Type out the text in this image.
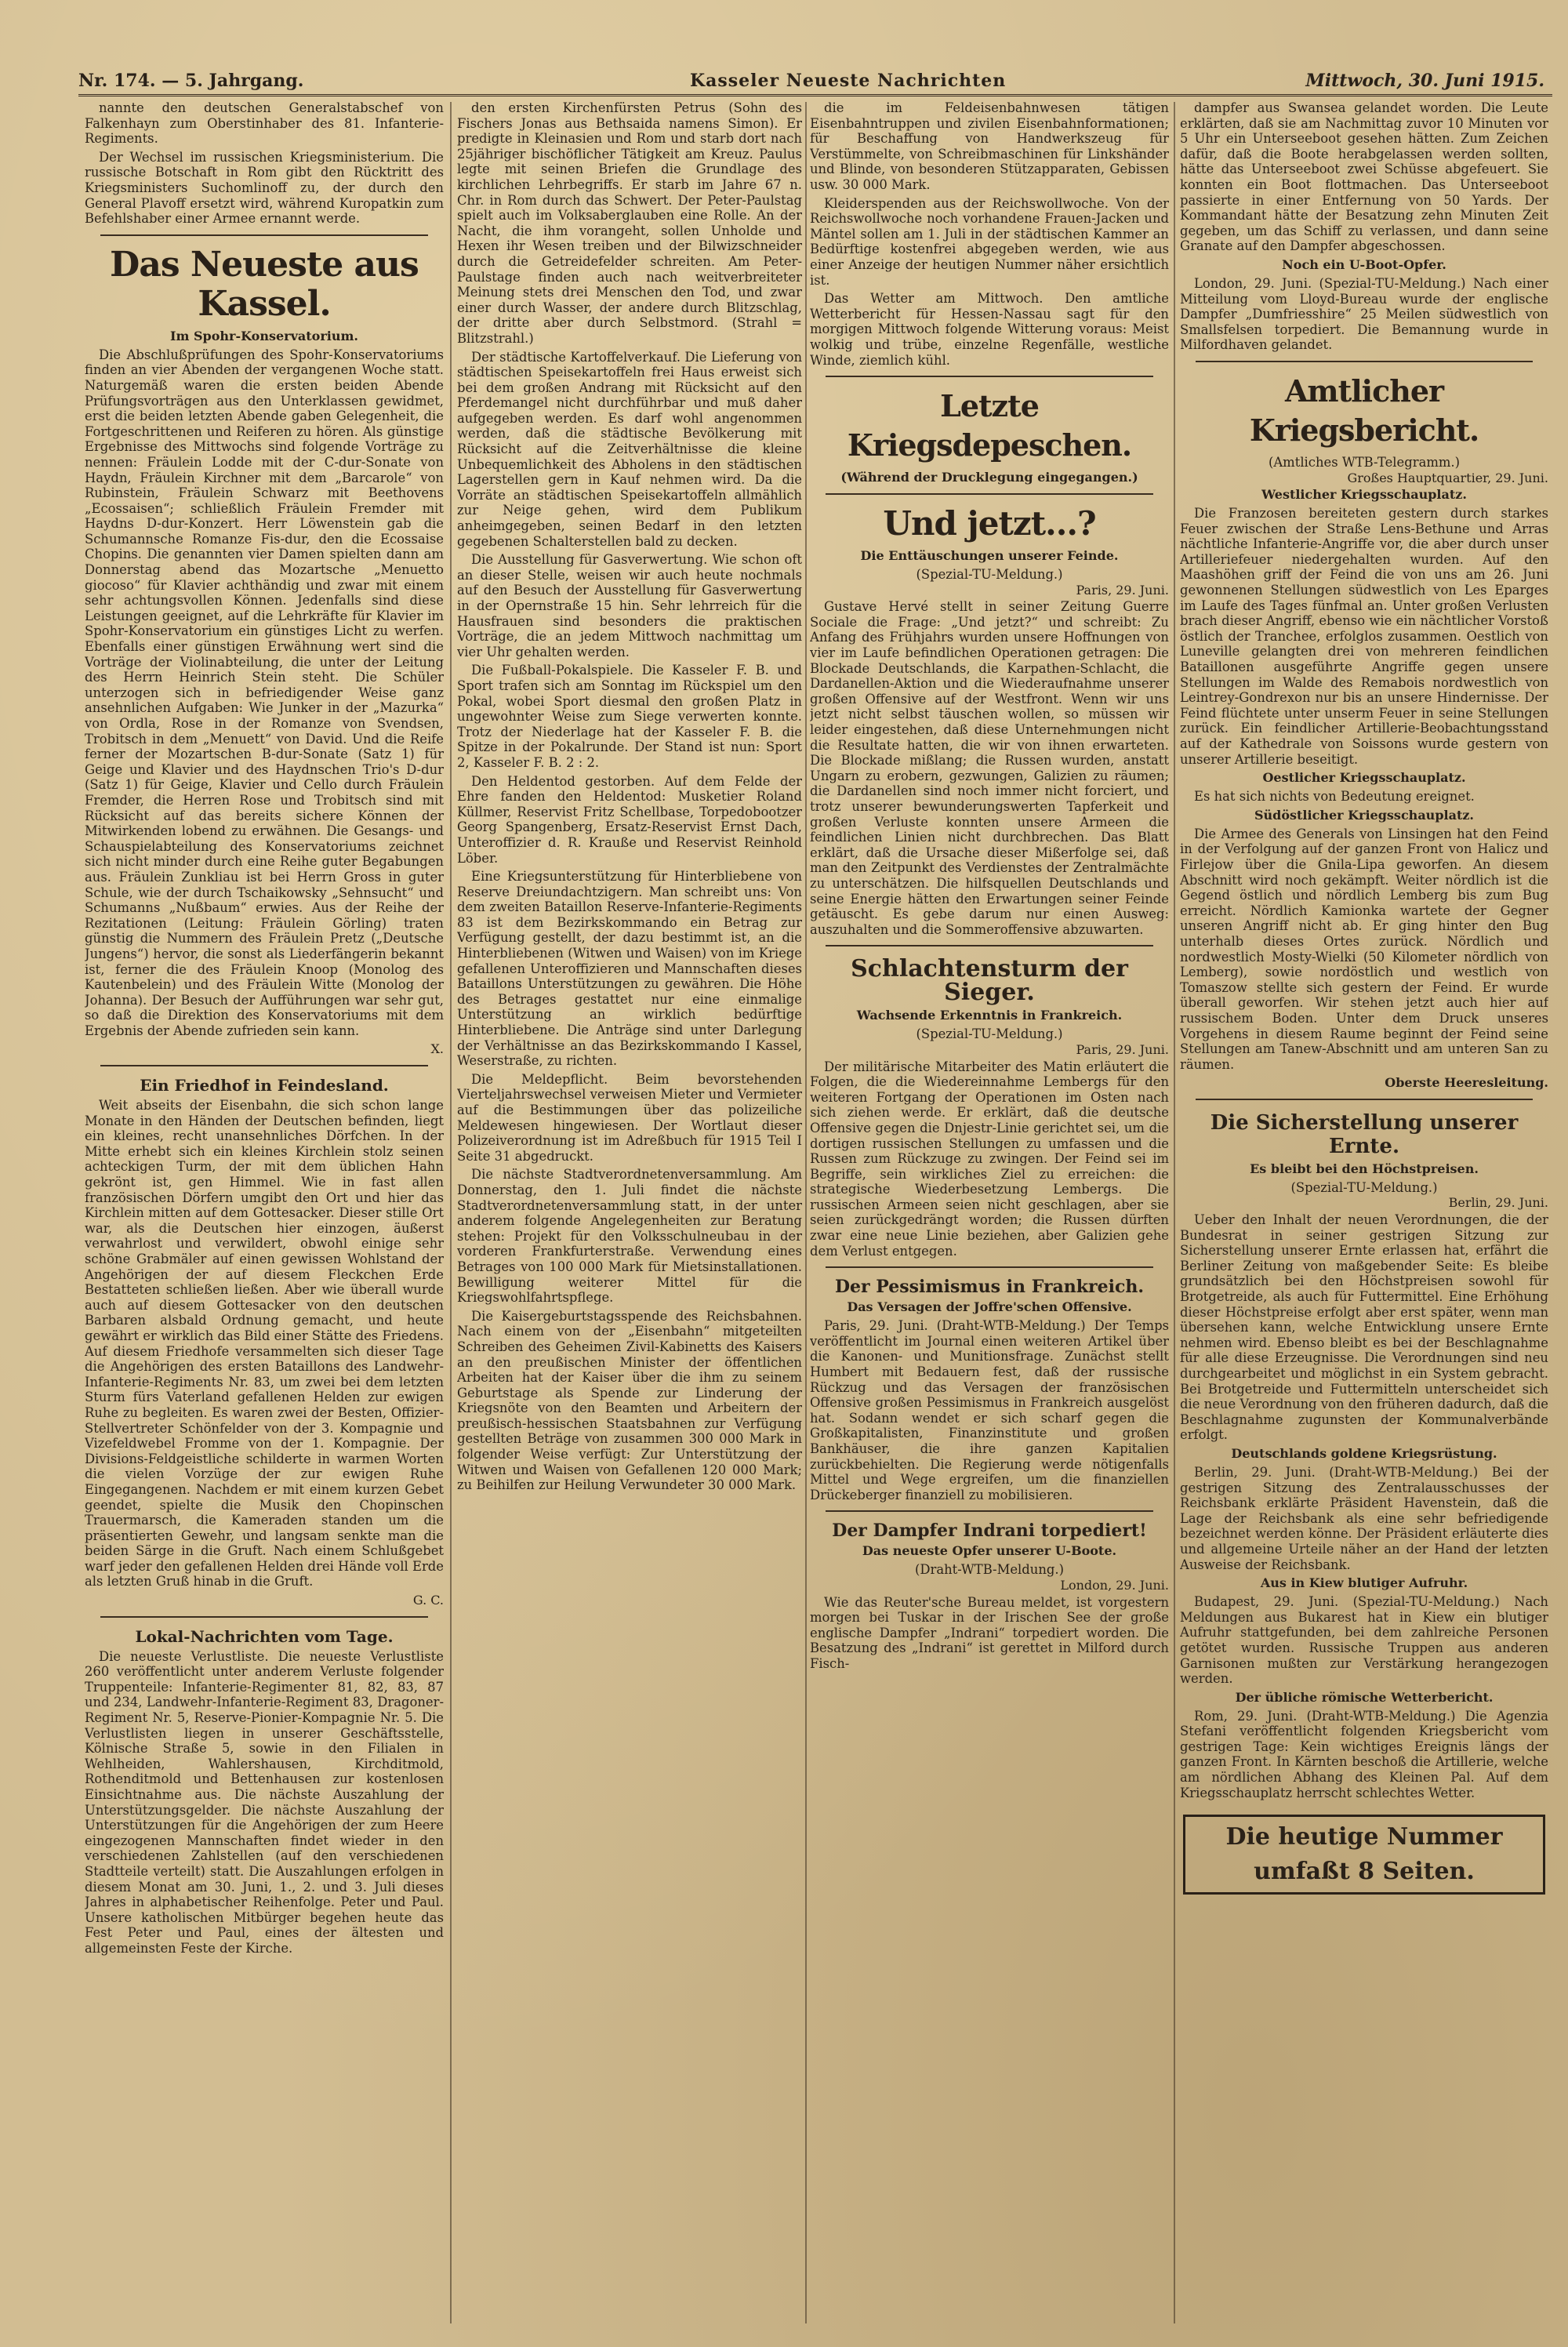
Nr. 174. — 5. Jahrgang.	Kasseler Neueste Nachrichten	Mittwoch, 30. Juni 1915.

nannte den deutschen Generalstabschef von Falkenhayn zum Oberstinhaber des 81. Infanterie-Regiments.

Der Wechsel im russischen Kriegsministerium. Die russische Botschaft in Rom gibt den Rücktritt des Kriegsministers Suchomlinoff zu, der durch den General Plavoff ersetzt wird, während Kuropatkin zum Befehlshaber einer Armee ernannt werde.

Das Neueste aus Kassel.
Im Spohr-Konservatorium.

Die Abschlußprüfungen des Spohr-Konservatoriums finden an vier Abenden der vergangenen Woche statt. Naturgemäß waren die ersten beiden Abende Prüfungsvorträgen aus den Unterklassen gewidmet, erst die beiden letzten Abende gaben Gelegenheit, die Fortgeschrittenen und Reiferen zu hören. Als günstige Ergebnisse des Mittwochs sind folgende Vorträge zu nennen: Fräulein Lodde mit der C-dur-Sonate von Haydn, Fräulein Kirchner mit dem „Barcarole“ von Rubinstein, Fräulein Schwarz mit Beethovens „Ecossaisen“; schließlich Fräulein Fremder mit Haydns D-dur-Konzert. Herr Löwenstein gab die Schumannsche Romanze Fis-dur, den die Ecossaise Chopins. Die genannten vier Damen spielten dann am Donnerstag abend das Mozartsche „Menuetto giocoso“ für Klavier achthändig und zwar mit einem sehr achtungsvollen Können. Jedenfalls sind diese Leistungen geeignet, auf die Lehrkräfte für Klavier im Spohr-Konservatorium ein günstiges Licht zu werfen. Ebenfalls einer günstigen Erwähnung wert sind die Vorträge der Violinabteilung, die unter der Leitung des Herrn Heinrich Stein steht. Die Schüler unterzogen sich in befriedigender Weise ganz ansehnlichen Aufgaben: Wie Junker in der „Mazurka“ von Ordla, Rose in der Romanze von Svendsen, Trobitsch in dem „Menuett“ von David. Und die Reife ferner der Mozartschen B-dur-Sonate (Satz 1) für Geige und Klavier und des Haydnschen Trio's D-dur (Satz 1) für Geige, Klavier und Cello durch Fräulein Fremder, die Herren Rose und Trobitsch sind mit Rücksicht auf das bereits sichere Können der Mitwirkenden lobend zu erwähnen. Die Gesangs- und Schauspielabteilung des Konservatoriums zeichnet sich nicht minder durch eine Reihe guter Begabungen aus. Fräulein Zunkliau ist bei Herrn Gross in guter Schule, wie der durch Tschaikowsky „Sehnsucht“ und Schumanns „Nußbaum“ erwies. Aus der Reihe der Rezitationen (Leitung: Fräulein Görling) traten günstig die Nummern des Fräulein Pretz („Deutsche Jungens“) hervor, die sonst als Liederfängerin bekannt ist, ferner die des Fräulein Knoop (Monolog des Kautenbelein) und des Fräulein Witte (Monolog der Johanna). Der Besuch der Aufführungen war sehr gut, so daß die Direktion des Konservatoriums mit dem Ergebnis der Abende zufrieden sein kann.

X.
Ein Friedhof in Feindesland.

Weit abseits der Eisenbahn, die sich schon lange Monate in den Händen der Deutschen befinden, liegt ein kleines, recht unansehnliches Dörfchen. In der Mitte erhebt sich ein kleines Kirchlein stolz seinen achteckigen Turm, der mit dem üblichen Hahn gekrönt ist, gen Himmel. Wie in fast allen französischen Dörfern umgibt den Ort und hier das Kirchlein mitten auf dem Gottesacker. Dieser stille Ort war, als die Deutschen hier einzogen, äußerst verwahrlost und verwildert, obwohl einige sehr schöne Grabmäler auf einen gewissen Wohlstand der Angehörigen der auf diesem Fleckchen Erde Bestatteten schließen ließen. Aber wie überall wurde auch auf diesem Gottesacker von den deutschen Barbaren alsbald Ordnung gemacht, und heute gewährt er wirklich das Bild einer Stätte des Friedens. Auf diesem Friedhofe versammelten sich dieser Tage die Angehörigen des ersten Bataillons des Landwehr-Infanterie-Regiments Nr. 83, um zwei bei dem letzten Sturm fürs Vaterland gefallenen Helden zur ewigen Ruhe zu begleiten. Es waren zwei der Besten, Offizier-Stellvertreter Schönfelder von der 3. Kompagnie und Vizefeldwebel Fromme von der 1. Kompagnie. Der Divisions-Feldgeistliche schilderte in warmen Worten die vielen Vorzüge der zur ewigen Ruhe Eingegangenen. Nachdem er mit einem kurzen Gebet geendet, spielte die Musik den Chopinschen Trauermarsch, die Kameraden standen um die präsentierten Gewehr, und langsam senkte man die beiden Särge in die Gruft. Nach einem Schlußgebet warf jeder den gefallenen Helden drei Hände voll Erde als letzten Gruß hinab in die Gruft.

G. C.
Lokal-Nachrichten vom Tage.

Die neueste Verlustliste. Die neueste Verlustliste 260 veröffentlicht unter anderem Verluste folgender Truppenteile: Infanterie-Regimenter 81, 82, 83, 87 und 234, Landwehr-Infanterie-Regiment 83, Dragoner-Regiment Nr. 5, Reserve-Pionier-Kompagnie Nr. 5. Die Verlustlisten liegen in unserer Geschäftsstelle, Kölnische Straße 5, sowie in den Filialen in Wehlheiden, Wahlershausen, Kirchditmold, Rothenditmold und Bettenhausen zur kostenlosen Einsichtnahme aus. Die nächste Auszahlung der Unterstützungsgelder. Die nächste Auszahlung der Unterstützungen für die Angehörigen der zum Heere eingezogenen Mannschaften findet wieder in den verschiedenen Zahlstellen (auf den verschiedenen Stadtteile verteilt) statt. Die Auszahlungen erfolgen in diesem Monat am 30. Juni, 1., 2. und 3. Juli dieses Jahres in alphabetischer Reihenfolge. Peter und Paul. Unsere katholischen Mitbürger begehen heute das Fest Peter und Paul, eines der ältesten und allgemeinsten Feste der Kirche.

den ersten Kirchenfürsten Petrus (Sohn des Fischers Jonas aus Bethsaida namens Simon). Er predigte in Kleinasien und Rom und starb dort nach 25jähriger bischöflicher Tätigkeit am Kreuz. Paulus legte mit seinen Briefen die Grundlage des kirchlichen Lehrbegriffs. Er starb im Jahre 67 n. Chr. in Rom durch das Schwert. Der Peter-Paulstag spielt auch im Volksaberglauben eine Rolle. An der Nacht, die ihm vorangeht, sollen Unholde und Hexen ihr Wesen treiben und der Bilwizschneider durch die Getreidefelder schreiten. Am Peter-Paulstage finden auch nach weitverbreiteter Meinung stets drei Menschen den Tod, und zwar einer durch Wasser, der andere durch Blitzschlag, der dritte aber durch Selbstmord. (Strahl = Blitzstrahl.)

Der städtische Kartoffelverkauf. Die Lieferung von städtischen Speisekartoffeln frei Haus erweist sich bei dem großen Andrang mit Rücksicht auf den Pferdemangel nicht durchführbar und muß daher aufgegeben werden. Es darf wohl angenommen werden, daß die städtische Bevölkerung mit Rücksicht auf die Zeitverhältnisse die kleine Unbequemlichkeit des Abholens in den städtischen Lagerstellen gern in Kauf nehmen wird. Da die Vorräte an städtischen Speisekartoffeln allmählich zur Neige gehen, wird dem Publikum anheimgegeben, seinen Bedarf in den letzten gegebenen Schalterstellen bald zu decken.

Die Ausstellung für Gasverwertung. Wie schon oft an dieser Stelle, weisen wir auch heute nochmals auf den Besuch der Ausstellung für Gasverwertung in der Opernstraße 15 hin. Sehr lehrreich für die Hausfrauen sind besonders die praktischen Vorträge, die an jedem Mittwoch nachmittag um vier Uhr gehalten werden.

Die Fußball-Pokalspiele. Die Kasseler F. B. und Sport trafen sich am Sonntag im Rückspiel um den Pokal, wobei Sport diesmal den großen Platz in ungewohnter Weise zum Siege verwerten konnte. Trotz der Niederlage hat der Kasseler F. B. die Spitze in der Pokalrunde. Der Stand ist nun: Sport 2, Kasseler F. B. 2 : 2.

Den Heldentod gestorben. Auf dem Felde der Ehre fanden den Heldentod: Musketier Roland Küllmer, Reservist Fritz Schellbase, Torpedobootzer Georg Spangenberg, Ersatz-Reservist Ernst Dach, Unteroffizier d. R. Krauße und Reservist Reinhold Löber.

Eine Kriegsunterstützung für Hinterbliebene von Reserve Dreiundachtzigern. Man schreibt uns: Von dem zweiten Bataillon Reserve-Infanterie-Regiments 83 ist dem Bezirkskommando ein Betrag zur Verfügung gestellt, der dazu bestimmt ist, an die Hinterbliebenen (Witwen und Waisen) von im Kriege gefallenen Unteroffizieren und Mannschaften dieses Bataillons Unterstützungen zu gewähren. Die Höhe des Betrages gestattet nur eine einmalige Unterstützung an wirklich bedürftige Hinterbliebene. Die Anträge sind unter Darlegung der Verhältnisse an das Bezirkskommando I Kassel, Weserstraße, zu richten.

Die Meldepflicht. Beim bevorstehenden Vierteljahrswechsel verweisen Mieter und Vermieter auf die Bestimmungen über das polizeiliche Meldewesen hingewiesen. Der Wortlaut dieser Polizeiverordnung ist im Adreßbuch für 1915 Teil I Seite 31 abgedruckt.

Die nächste Stadtverordnetenversammlung. Am Donnerstag, den 1. Juli findet die nächste Stadtverordnetenversammlung statt, in der unter anderem folgende Angelegenheiten zur Beratung stehen: Projekt für den Volksschulneubau in der vorderen Frankfurterstraße. Verwendung eines Betrages von 100 000 Mark für Mietsinstallationen. Bewilligung weiterer Mittel für die Kriegswohlfahrtspflege.

Die Kaisergeburtstagsspende des Reichsbahnen. Nach einem von der „Eisenbahn“ mitgeteilten Schreiben des Geheimen Zivil-Kabinetts des Kaisers an den preußischen Minister der öffentlichen Arbeiten hat der Kaiser über die ihm zu seinem Geburtstage als Spende zur Linderung der Kriegsnöte von den Beamten und Arbeitern der preußisch-hessischen Staatsbahnen zur Verfügung gestellten Beträge von zusammen 300 000 Mark in folgender Weise verfügt: Zur Unterstützung der Witwen und Waisen von Gefallenen 120 000 Mark; zu Beihilfen zur Heilung Verwundeter 30 000 Mark.

die im Feldeisenbahnwesen tätigen Eisenbahntruppen und zivilen Eisenbahnformationen; für Beschaffung von Handwerkszeug für Verstümmelte, von Schreibmaschinen für Linkshänder und Blinde, von besonderen Stützapparaten, Gebissen usw. 30 000 Mark.

Kleiderspenden aus der Reichswollwoche. Von der Reichswollwoche noch vorhandene Frauen-Jacken und Mäntel sollen am 1. Juli in der städtischen Kammer an Bedürftige kostenfrei abgegeben werden, wie aus einer Anzeige der heutigen Nummer näher ersichtlich ist.

Das Wetter am Mittwoch. Den amtliche Wetterbericht für Hessen-Nassau sagt für den morgigen Mittwoch folgende Witterung voraus: Meist wolkig und trübe, einzelne Regenfälle, westliche Winde, ziemlich kühl.

Letzte Kriegsdepeschen.
(Während der Drucklegung eingegangen.)
Und jetzt...?
Die Enttäuschungen unserer Feinde.
(Spezial-TU-Meldung.)
Paris, 29. Juni.

Gustave Hervé stellt in seiner Zeitung Guerre Sociale die Frage: „Und jetzt?“ und schreibt: Zu Anfang des Frühjahrs wurden unsere Hoffnungen von vier im Laufe befindlichen Operationen getragen: Die Blockade Deutschlands, die Karpathen-Schlacht, die Dardanellen-Aktion und die Wiederaufnahme unserer großen Offensive auf der Westfront. Wenn wir uns jetzt nicht selbst täuschen wollen, so müssen wir leider eingestehen, daß diese Unternehmungen nicht die Resultate hatten, die wir von ihnen erwarteten. Die Blockade mißlang; die Russen wurden, anstatt Ungarn zu erobern, gezwungen, Galizien zu räumen; die Dardanellen sind noch immer nicht forciert, und trotz unserer bewunderungswerten Tapferkeit und großen Verluste konnten unsere Armeen die feindlichen Linien nicht durchbrechen. Das Blatt erklärt, daß die Ursache dieser Mißerfolge sei, daß man den Zeitpunkt des Verdienstes der Zentralmächte zu unterschätzen. Die hilfsquellen Deutschlands und seine Energie hätten den Erwartungen seiner Feinde getäuscht. Es gebe darum nur einen Ausweg: auszuhalten und die Sommeroffensive abzuwarten.

Schlachtensturm der Sieger.
Wachsende Erkenntnis in Frankreich.
(Spezial-TU-Meldung.)
Paris, 29. Juni.

Der militärische Mitarbeiter des Matin erläutert die Folgen, die die Wiedereinnahme Lembergs für den weiteren Fortgang der Operationen im Osten nach sich ziehen werde. Er erklärt, daß die deutsche Offensive gegen die Dnjestr-Linie gerichtet sei, um die dortigen russischen Stellungen zu umfassen und die Russen zum Rückzuge zu zwingen. Der Feind sei im Begriffe, sein wirkliches Ziel zu erreichen: die strategische Wiederbesetzung Lembergs. Die russischen Armeen seien nicht geschlagen, aber sie seien zurückgedrängt worden; die Russen dürften zwar eine neue Linie beziehen, aber Galizien gehe dem Verlust entgegen.

Der Pessimismus in Frankreich.
Das Versagen der Joffre'schen Offensive.

Paris, 29. Juni. (Draht-WTB-Meldung.) Der Temps veröffentlicht im Journal einen weiteren Artikel über die Kanonen- und Munitionsfrage. Zunächst stellt Humbert mit Bedauern fest, daß der russische Rückzug und das Versagen der französischen Offensive großen Pessimismus in Frankreich ausgelöst hat. Sodann wendet er sich scharf gegen die Großkapitalisten, Finanzinstitute und großen Bankhäuser, die ihre ganzen Kapitalien zurückbehielten. Die Regierung werde nötigenfalls Mittel und Wege ergreifen, um die finanziellen Drückeberger finanziell zu mobilisieren.

Der Dampfer Indrani torpediert!
Das neueste Opfer unserer U-Boote.
(Draht-WTB-Meldung.)
London, 29. Juni.

Wie das Reuter'sche Bureau meldet, ist vorgestern morgen bei Tuskar in der Irischen See der große englische Dampfer „Indrani“ torpediert worden. Die Besatzung des „Indrani“ ist gerettet in Milford durch Fisch-

dampfer aus Swansea gelandet worden. Die Leute erklärten, daß sie am Nachmittag zuvor 10 Minuten vor 5 Uhr ein Unterseeboot gesehen hätten. Zum Zeichen dafür, daß die Boote herabgelassen werden sollten, hätte das Unterseeboot zwei Schüsse abgefeuert. Sie konnten ein Boot flottmachen. Das Unterseeboot passierte in einer Entfernung von 50 Yards. Der Kommandant hätte der Besatzung zehn Minuten Zeit gegeben, um das Schiff zu verlassen, und dann seine Granate auf den Dampfer abgeschossen.

Noch ein U-Boot-Opfer.

London, 29. Juni. (Spezial-TU-Meldung.) Nach einer Mitteilung vom Lloyd-Bureau wurde der englische Dampfer „Dumfriesshire“ 25 Meilen südwestlich von Smallsfelsen torpediert. Die Bemannung wurde in Milfordhaven gelandet.

Amtlicher Kriegsbericht.
(Amtliches WTB-Telegramm.)
Großes Hauptquartier, 29. Juni.
Westlicher Kriegsschauplatz.

Die Franzosen bereiteten gestern durch starkes Feuer zwischen der Straße Lens-Bethune und Arras nächtliche Infanterie-Angriffe vor, die aber durch unser Artilleriefeuer niedergehalten wurden. Auf den Maashöhen griff der Feind die von uns am 26. Juni gewonnenen Stellungen südwestlich von Les Eparges im Laufe des Tages fünfmal an. Unter großen Verlusten brach dieser Angriff, ebenso wie ein nächtlicher Vorstoß östlich der Tranchee, erfolglos zusammen. Oestlich von Luneville gelangten drei von mehreren feindlichen Bataillonen ausgeführte Angriffe gegen unsere Stellungen im Walde des Remabois nordwestlich von Leintrey-Gondrexon nur bis an unsere Hindernisse. Der Feind flüchtete unter unserm Feuer in seine Stellungen zurück. Ein feindlicher Artillerie-Beobachtungsstand auf der Kathedrale von Soissons wurde gestern von unserer Artillerie beseitigt.

Oestlicher Kriegsschauplatz.

Es hat sich nichts von Bedeutung ereignet.

Südöstlicher Kriegsschauplatz.

Die Armee des Generals von Linsingen hat den Feind in der Verfolgung auf der ganzen Front von Halicz und Firlejow über die Gnila-Lipa geworfen. An diesem Abschnitt wird noch gekämpft. Weiter nördlich ist die Gegend östlich und nördlich Lemberg bis zum Bug erreicht. Nördlich Kamionka wartete der Gegner unseren Angriff nicht ab. Er ging hinter den Bug unterhalb dieses Ortes zurück. Nördlich und nordwestlich Mosty-Wielki (50 Kilometer nördlich von Lemberg), sowie nordöstlich und westlich von Tomaszow stellte sich gestern der Feind. Er wurde überall geworfen. Wir stehen jetzt auch hier auf russischem Boden. Unter dem Druck unseres Vorgehens in diesem Raume beginnt der Feind seine Stellungen am Tanew-Abschnitt und am unteren San zu räumen.

Oberste Heeresleitung.
Die Sicherstellung unserer Ernte.
Es bleibt bei den Höchstpreisen.
(Spezial-TU-Meldung.)
Berlin, 29. Juni.

Ueber den Inhalt der neuen Verordnungen, die der Bundesrat in seiner gestrigen Sitzung zur Sicherstellung unserer Ernte erlassen hat, erfährt die Berliner Zeitung von maßgebender Seite: Es bleibe grundsätzlich bei den Höchstpreisen sowohl für Brotgetreide, als auch für Futtermittel. Eine Erhöhung dieser Höchstpreise erfolgt aber erst später, wenn man übersehen kann, welche Entwicklung unsere Ernte nehmen wird. Ebenso bleibt es bei der Beschlagnahme für alle diese Erzeugnisse. Die Verordnungen sind neu durchgearbeitet und möglichst in ein System gebracht. Bei Brotgetreide und Futtermitteln unterscheidet sich die neue Verordnung von den früheren dadurch, daß die Beschlagnahme zugunsten der Kommunalverbände erfolgt.

Deutschlands goldene Kriegsrüstung.

Berlin, 29. Juni. (Draht-WTB-Meldung.) Bei der gestrigen Sitzung des Zentralausschusses der Reichsbank erklärte Präsident Havenstein, daß die Lage der Reichsbank als eine sehr befriedigende bezeichnet werden könne. Der Präsident erläuterte dies und allgemeine Urteile näher an der Hand der letzten Ausweise der Reichsbank.

Aus in Kiew blutiger Aufruhr.

Budapest, 29. Juni. (Spezial-TU-Meldung.) Nach Meldungen aus Bukarest hat in Kiew ein blutiger Aufruhr stattgefunden, bei dem zahlreiche Personen getötet wurden. Russische Truppen aus anderen Garnisonen mußten zur Verstärkung herangezogen werden.

Der übliche römische Wetterbericht.

Rom, 29. Juni. (Draht-WTB-Meldung.) Die Agenzia Stefani veröffentlicht folgenden Kriegsbericht vom gestrigen Tage: Kein wichtiges Ereignis längs der ganzen Front. In Kärnten beschoß die Artillerie, welche am nördlichen Abhang des Kleinen Pal. Auf dem Kriegsschauplatz herrscht schlechtes Wetter.

Die heutige Nummer umfaßt 8 Seiten.
